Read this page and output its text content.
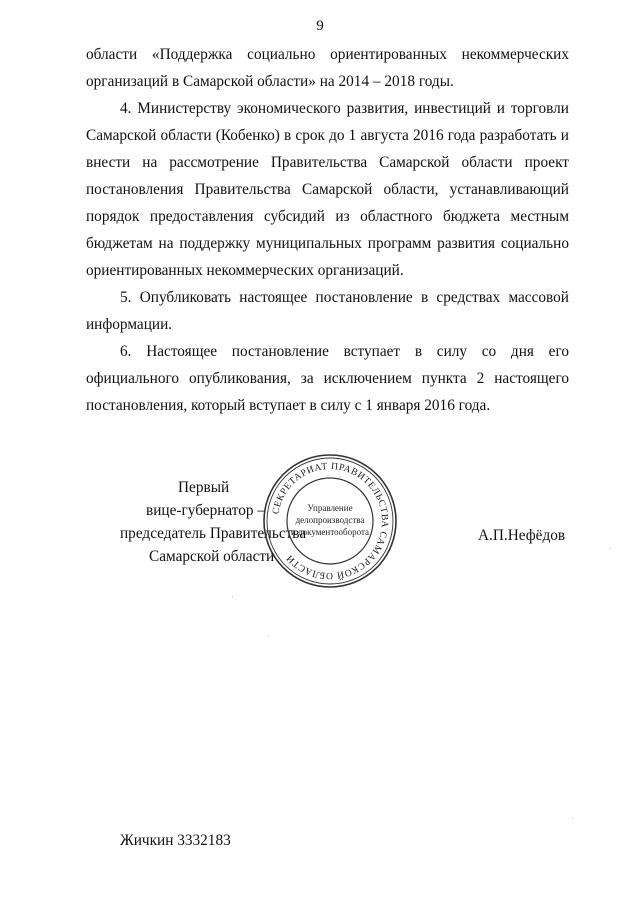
9
области «Поддержка социально ориентированных некоммерческих
организаций в Самарской области» на 2014 – 2018 годы.
4. Министерству экономического развития, инвестиций и торговли
Самарской области (Кобенко) в срок до 1 августа 2016 года разработать и
внести на рассмотрение Правительства Самарской области проект
постановления Правительства Самарской области, устанавливающий
порядок предоставления субсидий из областного бюджета местным
бюджетам на поддержку муниципальных программ развития социально
ориентированных некоммерческих организаций.
5. Опубликовать настоящее постановление в средствах массовой
информации.
6. Настоящее постановление вступает в силу со дня его
официального опубликования, за исключением пункта 2 настоящего
постановления, который вступает в силу с 1 января 2016 года.
Первый
вице-губернатор –
председатель Правительства
Самарской области
А.П.Нефёдов
СЕКРЕТАРИАТ ПРАВИТЕЛЬСТВА САМАРСКОЙ ОБЛАСТИ
Управление
делопроизводства
и документооборота
Жичкин 3332183
